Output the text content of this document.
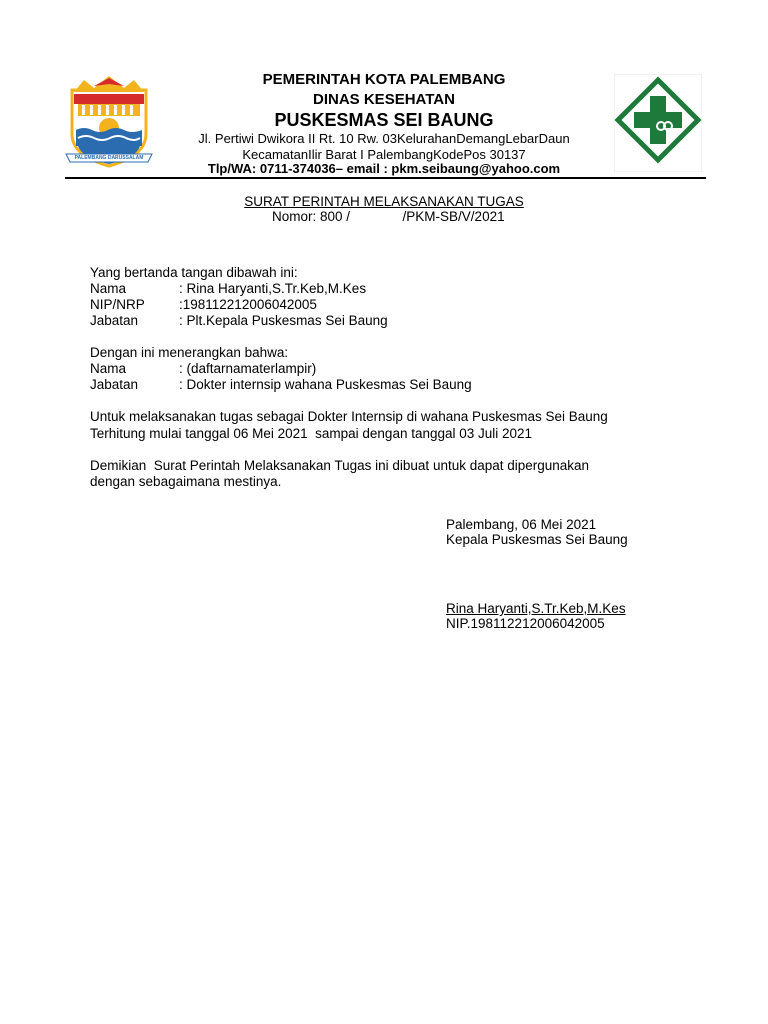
PALEMBANG DARUSSALAM
PEMERINTAH KOTA PALEMBANG
DINAS KESEHATAN
PUSKESMAS SEI BAUNG
Jl. Pertiwi Dwikora II Rt. 10 Rw. 03KelurahanDemangLebarDaun
KecamatanIlir Barat I PalembangKodePos 30137
Tlp/WA: 0711-374036– email : pkm.seibaung@yahoo.com
SURAT PERINTAH MELAKSANAKAN TUGAS
Nomor: 800 /              /PKM-SB/V/2021
Yang bertanda tangan dibawah ini:
Nama	: Rina Haryanti,S.Tr.Keb,M.Kes
NIP/NRP	:198112212006042005
Jabatan	: Plt.Kepala Puskesmas Sei Baung
Dengan ini menerangkan bahwa:
Nama	: (daftarnamaterlampir)
Jabatan	: Dokter internsip wahana Puskesmas Sei Baung
Untuk melaksanakan tugas sebagai Dokter Internsip di wahana Puskesmas Sei Baung
Terhitung mulai tanggal 06 Mei 2021  sampai dengan tanggal 03 Juli 2021
Demikian  Surat Perintah Melaksanakan Tugas ini dibuat untuk dapat dipergunakan
dengan sebagaimana mestinya.
Palembang, 06 Mei 2021
Kepala Puskesmas Sei Baung
Rina Haryanti,S.Tr.Keb,M.Kes
NIP.198112212006042005
